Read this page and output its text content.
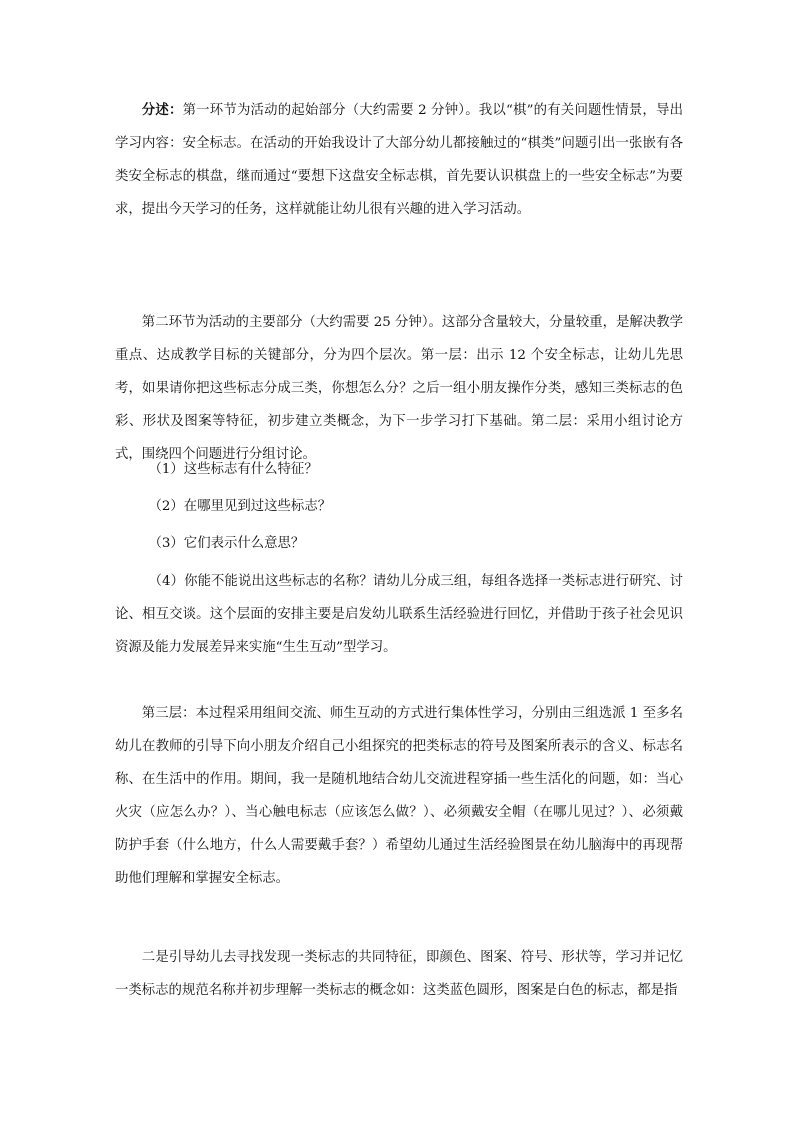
分述：第一环节为活动的起始部分（大约需要 2 分钟）。我以“棋”的有关问题性情景，导出学习内容：安全标志。在活动的开始我设计了大部分幼儿都接触过的“棋类”问题引出一张嵌有各类安全标志的棋盘，继而通过“要想下这盘安全标志棋，首先要认识棋盘上的一些安全标志”为要求，提出今天学习的任务，这样就能让幼儿很有兴趣的进入学习活动。

第二环节为活动的主要部分（大约需要 25 分钟）。这部分含量较大，分量较重，是解决教学重点、达成教学目标的关键部分，分为四个层次。第一层：出示 12 个安全标志，让幼儿先思考，如果请你把这些标志分成三类，你想怎么分？之后一组小朋友操作分类，感知三类标志的色彩、形状及图案等特征，初步建立类概念，为下一步学习打下基础。第二层：采用小组讨论方式，围绕四个问题进行分组讨论。

（1）这些标志有什么特征？

（2）在哪里见到过这些标志？

（3）它们表示什么意思？

（4）你能不能说出这些标志的名称？请幼儿分成三组，每组各选择一类标志进行研究、讨论、相互交谈。这个层面的安排主要是启发幼儿联系生活经验进行回忆，并借助于孩子社会见识资源及能力发展差异来实施“生生互动”型学习。

第三层：本过程采用组间交流、师生互动的方式进行集体性学习，分别由三组选派 1 至多名幼儿在教师的引导下向小朋友介绍自己小组探究的把类标志的符号及图案所表示的含义、标志名称、在生活中的作用。期间，我一是随机地结合幼儿交流进程穿插一些生活化的问题，如：当心火灾（应怎么办？）、当心触电标志（应该怎么做？）、必须戴安全帽（在哪儿见过？）、必须戴防护手套（什么地方，什么人需要戴手套？）希望幼儿通过生活经验图景在幼儿脑海中的再现帮助他们理解和掌握安全标志。

二是引导幼儿去寻找发现一类标志的共同特征，即颜色、图案、符号、形状等，学习并记忆一类标志的规范名称并初步理解一类标志的概念如：这类蓝色圆形，图案是白色的标志，都是指
